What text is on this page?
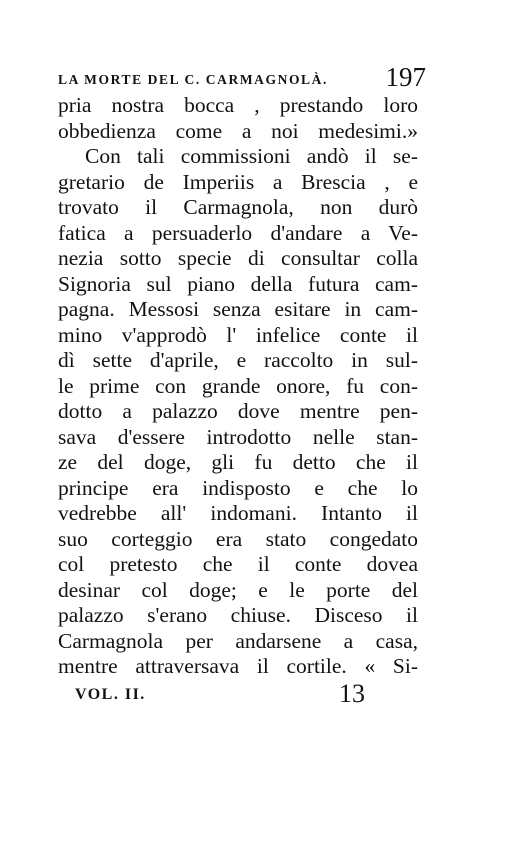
LA MORTE DEL C. CARMAGNOLÀ. 197
pria nostra bocca , prestando loro
obbedienza come a noi medesimi.»
Con tali commissioni andò il se-
gretario de Imperiis a Brescia , e
trovato il Carmagnola, non durò
fatica a persuaderlo d'andare a Ve-
nezia sotto specie di consultar colla
Signoria sul piano della futura cam-
pagna. Messosi senza esitare in cam-
mino v'approdò l' infelice conte il
dì sette d'aprile, e raccolto in sul-
le prime con grande onore, fu con-
dotto a palazzo dove mentre pen-
sava d'essere introdotto nelle stan-
ze del doge, gli fu detto che il
principe era indisposto e che lo
vedrebbe all' indomani. Intanto il
suo corteggio era stato congedato
col pretesto che il conte dovea
desinar col doge; e le porte del
palazzo s'erano chiuse. Disceso il
Carmagnola per andarsene a casa,
mentre attraversava il cortile. « Si-
VOL. II.	13
